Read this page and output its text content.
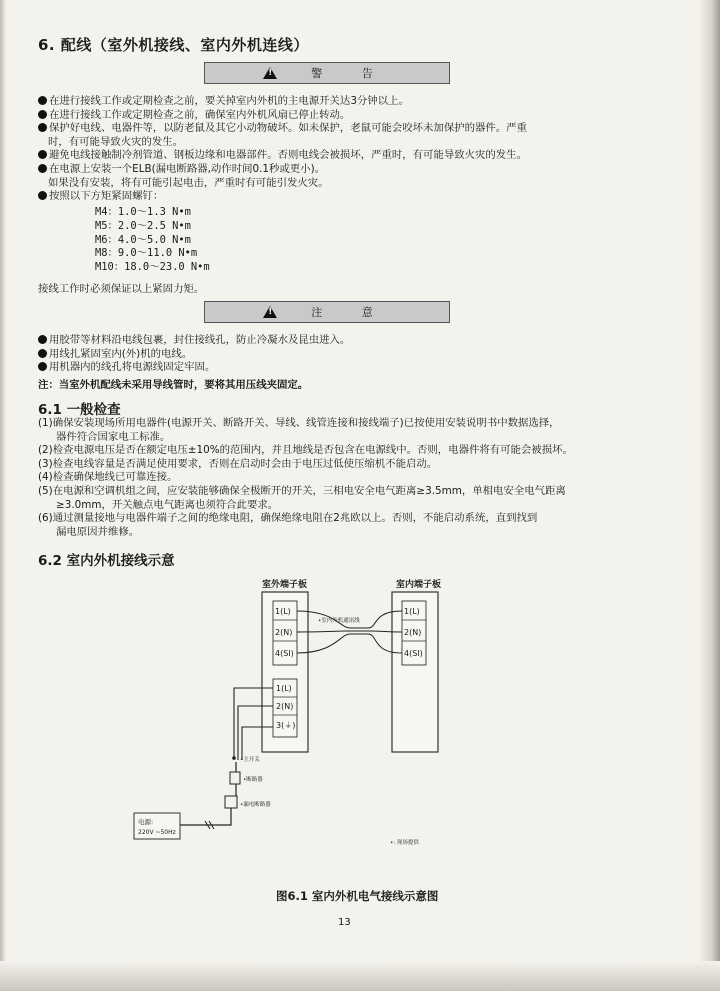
6. 配线（室外机接线、室内外机连线）
!
警 告
在进行接线工作或定期检查之前，要关掉室内外机的主电源开关达3分钟以上。
在进行接线工作或定期检查之前，确保室内外机风扇已停止转动。
保护好电线、电器件等，以防老鼠及其它小动物破坏。如未保护，老鼠可能会咬坏未加保护的器件。严重
时，有可能导致火灾的发生。
避免电线接触制冷剂管道、钢板边缘和电器部件。否则电线会被损坏，严重时，有可能导致火灾的发生。
在电源上安装一个ELB(漏电断路器,动作时间0.1秒或更小)。
如果没有安装，将有可能引起电击，严重时有可能引发火灾。
按照以下方矩紧固螺钉：
M4：1.0～1.3 N•m
M5：2.0～2.5 N•m
M6：4.0～5.0 N•m
M8：9.0～11.0 N•m
M10：18.0～23.0 N•m
接线工作时必须保证以上紧固力矩。
!
注 意
用胶带等材料沿电线包裹，封住接线孔，防止冷凝水及昆虫进入。
用线扎紧固室内(外)机的电线。
用机器内的线孔将电源线固定牢固。
注：当室外机配线未采用导线管时，要将其用压线夹固定。
6.1 一般检查
(1)确保安装现场所用电器件(电源开关、断路开关、导线、线管连接和接线端子)已按使用安装说明书中数据选择，
器件符合国家电工标准。
(2)检查电源电压是否在额定电压±10%的范围内，并且地线是否包含在电源线中。否则，电器件将有可能会被损坏。
(3)检查电线容量是否满足使用要求，否则在启动时会由于电压过低使压缩机不能启动。
(4)检查确保地线已可靠连接。
(5)在电源和空调机组之间，应安装能够确保全极断开的开关，三相电安全电气距离≥3.5mm，单相电安全电气距离
≥3.0mm，开关触点电气距离也须符合此要求。
(6)通过测量接地与电器件端子之间的绝缘电阻，确保绝缘电阻在2兆欧以上。否则，不能启动系统，直到找到
漏电原因并维修。
6.2 室内外机接线示意
室外端子板
1(L)
2(N)
4(SI)
1(L)
2(N)
3(⏚)
室内端子板
1(L)
2(N)
4(SI)
•室内外机通讯线
•主开关
•断路器
•漏电断路器
电源:
220V ~50Hz
•: 现场提供
图6.1 室内外机电气接线示意图
13
